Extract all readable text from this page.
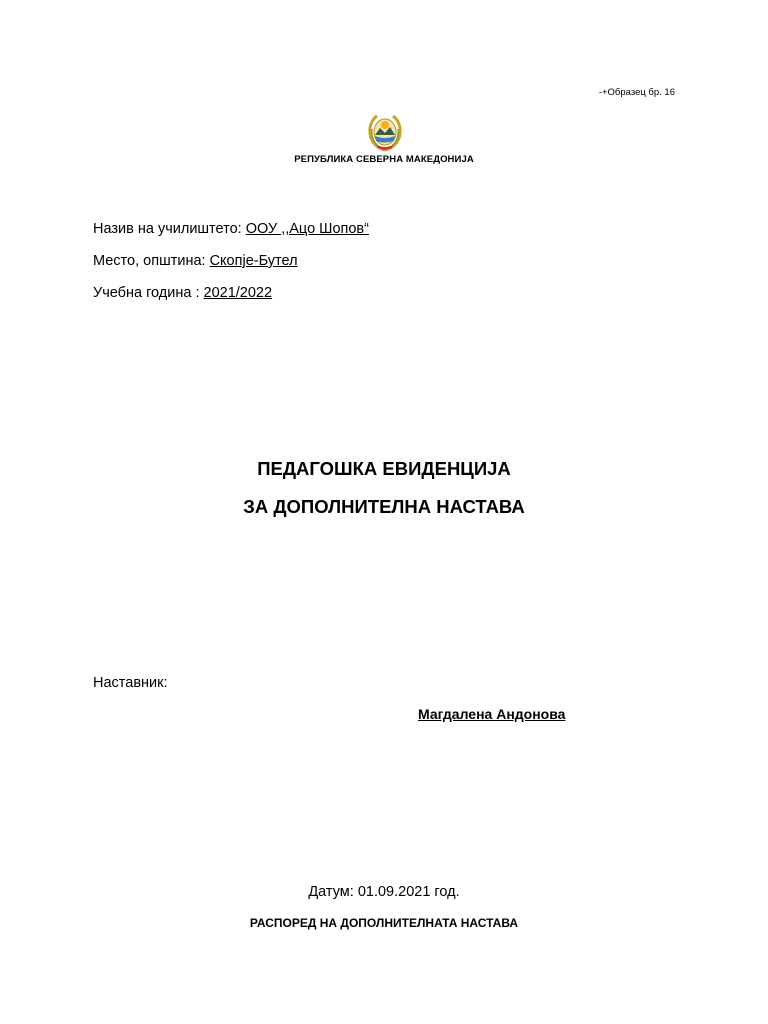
-+Образец бр. 16
РЕПУБЛИКА СЕВЕРНА МАКЕДОНИЈА
Назив на училиштето: ООУ ,,Ацо Шопов“
Место, општина: Скопје-Бутел
Учебна година : 2021/2022
ПЕДАГОШКА ЕВИДЕНЦИЈА
ЗА ДОПОЛНИТЕЛНА НАСТАВА
Наставник:
Магдалена Андонова
Датум: 01.09.2021 год.
РАСПОРЕД НА ДОПОЛНИТЕЛНАТА НАСТАВА
